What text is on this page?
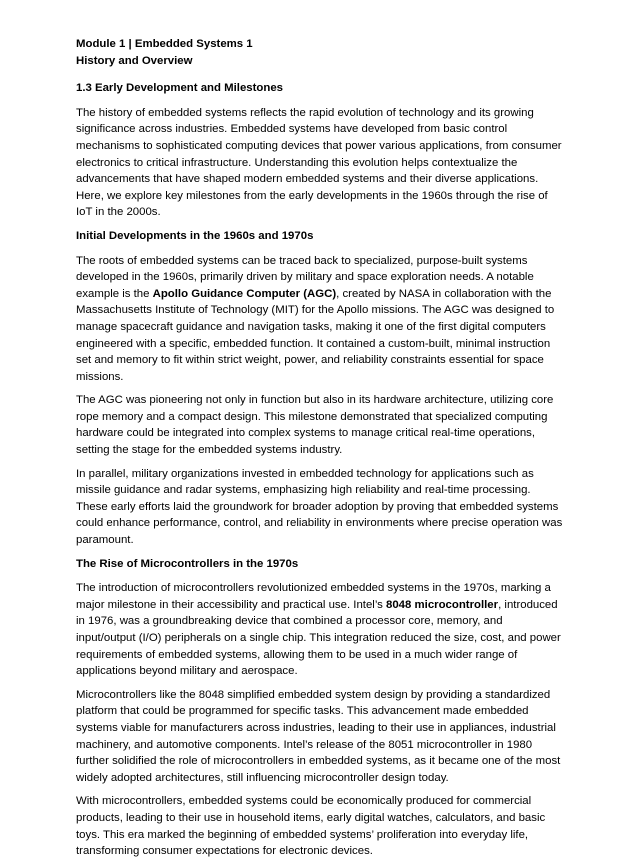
Module 1 | Embedded Systems 1
History and Overview
1.3 Early Development and Milestones

The history of embedded systems reflects the rapid evolution of technology and its growing significance across industries. Embedded systems have developed from basic control mechanisms to sophisticated computing devices that power various applications, from consumer electronics to critical infrastructure. Understanding this evolution helps contextualize the advancements that have shaped modern embedded systems and their diverse applications. Here, we explore key milestones from the early developments in the 1960s through the rise of IoT in the 2000s.

Initial Developments in the 1960s and 1970s

The roots of embedded systems can be traced back to specialized, purpose-built systems developed in the 1960s, primarily driven by military and space exploration needs. A notable example is the Apollo Guidance Computer (AGC), created by NASA in collaboration with the Massachusetts Institute of Technology (MIT) for the Apollo missions. The AGC was designed to manage spacecraft guidance and navigation tasks, making it one of the first digital computers engineered with a specific, embedded function. It contained a custom-built, minimal instruction set and memory to fit within strict weight, power, and reliability constraints essential for space missions.

The AGC was pioneering not only in function but also in its hardware architecture, utilizing core rope memory and a compact design. This milestone demonstrated that specialized computing hardware could be integrated into complex systems to manage critical real-time operations, setting the stage for the embedded systems industry.

In parallel, military organizations invested in embedded technology for applications such as missile guidance and radar systems, emphasizing high reliability and real-time processing. These early efforts laid the groundwork for broader adoption by proving that embedded systems could enhance performance, control, and reliability in environments where precise operation was paramount.

The Rise of Microcontrollers in the 1970s

The introduction of microcontrollers revolutionized embedded systems in the 1970s, marking a major milestone in their accessibility and practical use. Intel’s 8048 microcontroller, introduced in 1976, was a groundbreaking device that combined a processor core, memory, and input/output (I/O) peripherals on a single chip. This integration reduced the size, cost, and power requirements of embedded systems, allowing them to be used in a much wider range of applications beyond military and aerospace.

Microcontrollers like the 8048 simplified embedded system design by providing a standardized platform that could be programmed for specific tasks. This advancement made embedded systems viable for manufacturers across industries, leading to their use in appliances, industrial machinery, and automotive components. Intel’s release of the 8051 microcontroller in 1980 further solidified the role of microcontrollers in embedded systems, as it became one of the most widely adopted architectures, still influencing microcontroller design today.

With microcontrollers, embedded systems could be economically produced for commercial products, leading to their use in household items, early digital watches, calculators, and basic toys. This era marked the beginning of embedded systems’ proliferation into everyday life, transforming consumer expectations for electronic devices.
